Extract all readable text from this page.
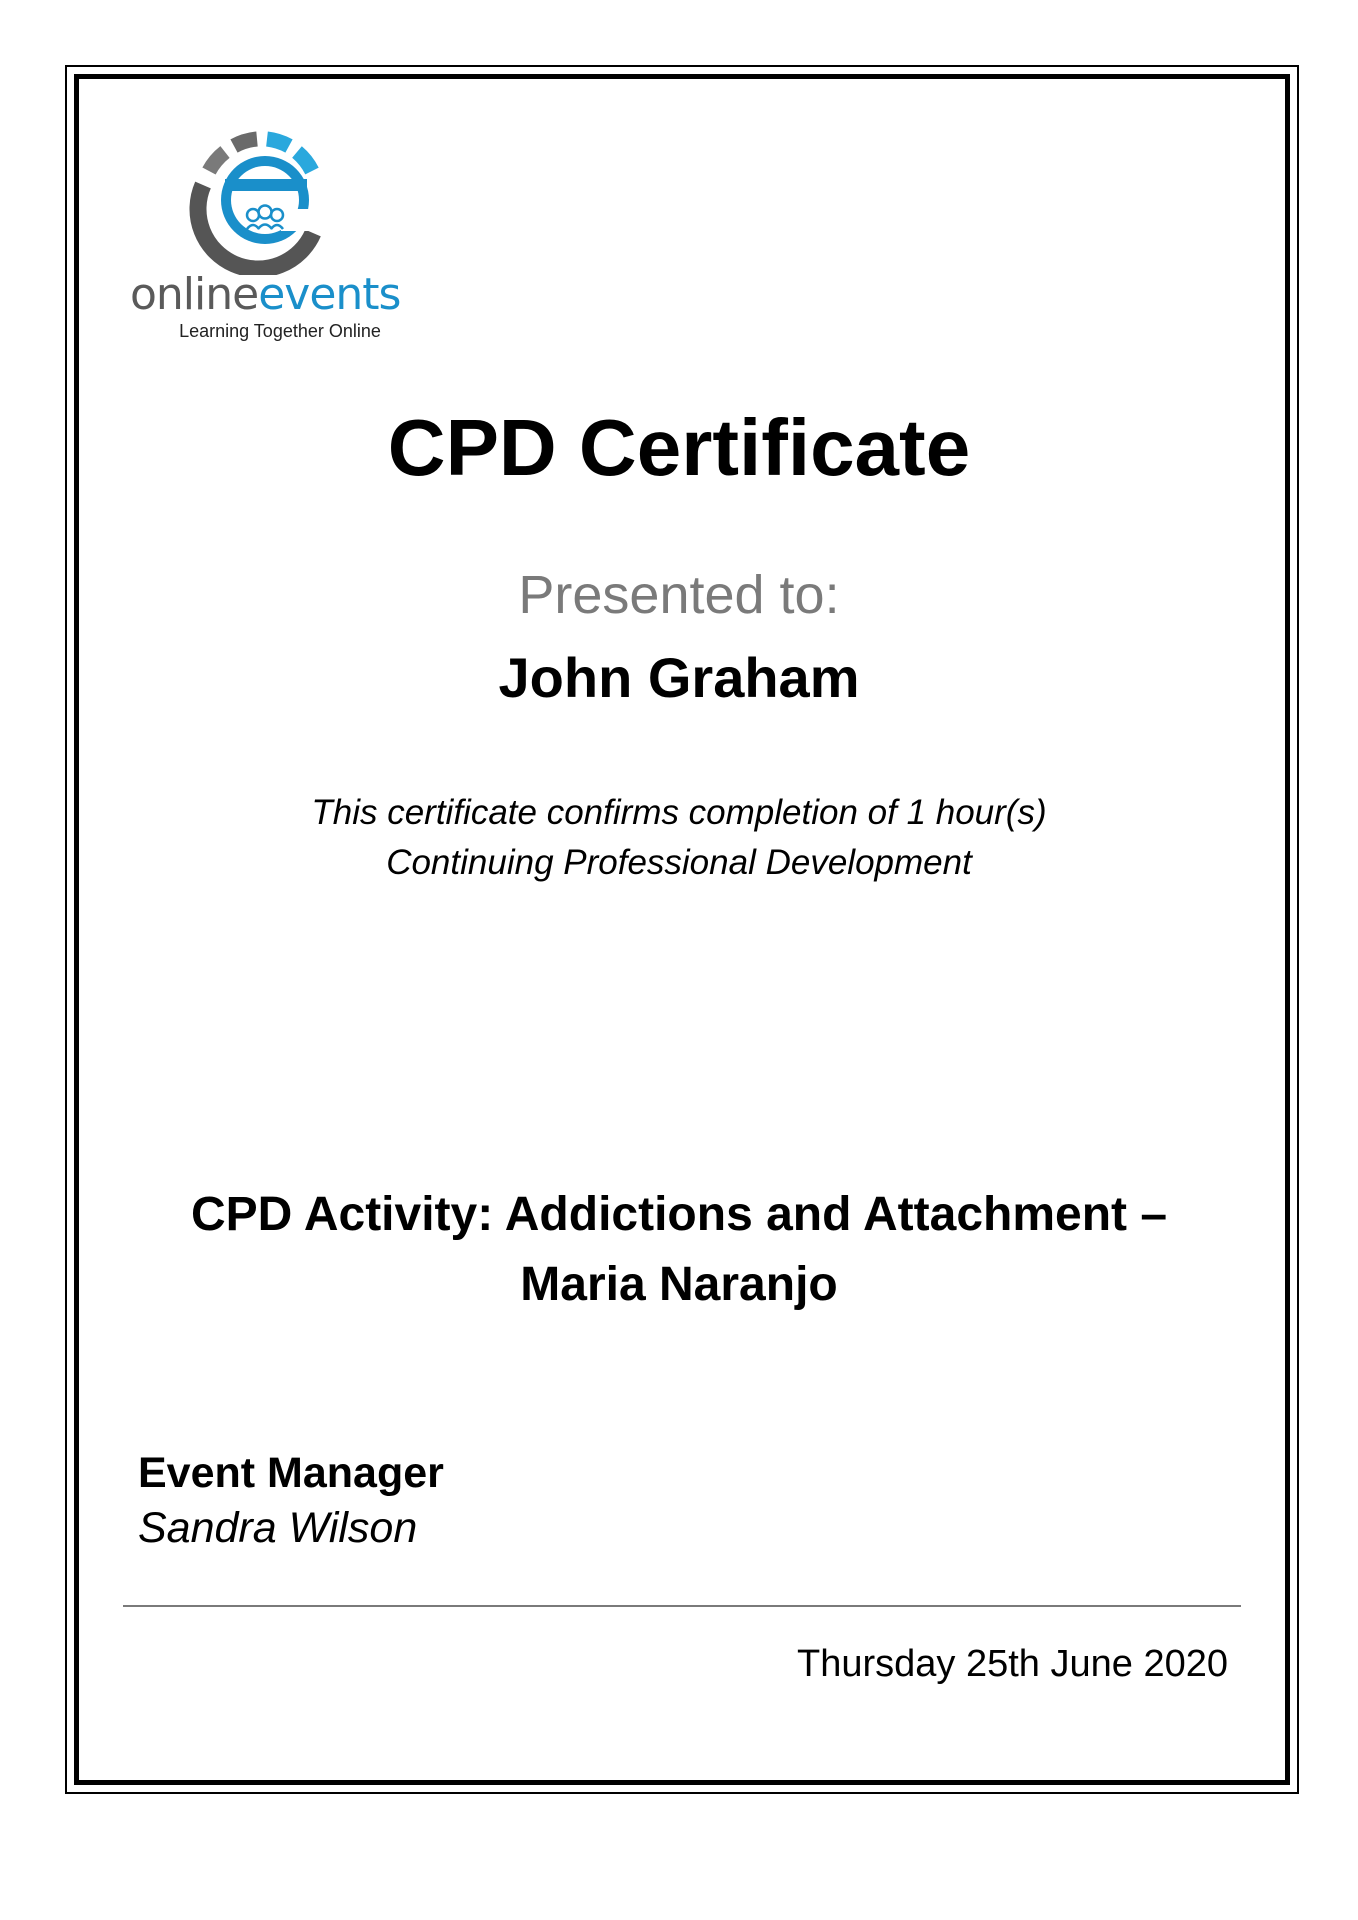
onlineevents
Learning Together Online
CPD Certificate
Presented to:
John Graham
This certificate confirms completion of 1 hour(s)
Continuing Professional Development
CPD Activity: Addictions and Attachment –
Maria Naranjo
Event Manager
Sandra Wilson
Thursday 25th June 2020
